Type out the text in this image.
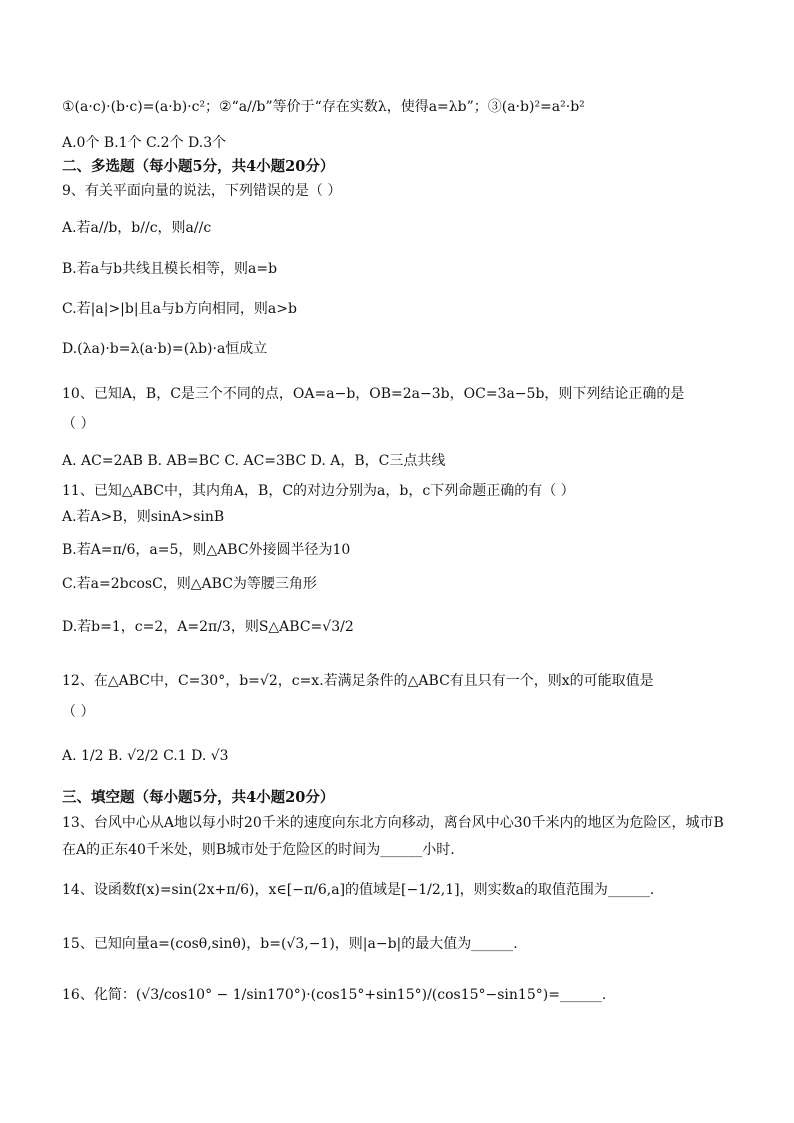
①(a·c)·(b·c)=(a·b)·c²；②“a//b”等价于“存在实数λ，使得a=λb”；③(a·b)²=a²·b²
A.0个 B.1个 C.2个 D.3个
二、多选题（每小题5分，共4小题20分）
9、有关平面向量的说法，下列错误的是（ ）
A.若a//b，b//c，则a//c
B.若a与b共线且模长相等，则a=b
C.若|a|>|b|且a与b方向相同，则a>b
D.(λa)·b=λ(a·b)=(λb)·a恒成立
10、已知A，B，C是三个不同的点，OA=a−b，OB=2a−3b，OC=3a−5b，则下列结论正确的是
（ ）
A. AC=2AB B. AB=BC C. AC=3BC D. A，B，C三点共线
11、已知△ABC中，其内角A，B，C的对边分别为a，b，c下列命题正确的有（ ）
A.若A>B，则sinA>sinB
B.若A=π/6，a=5，则△ABC外接圆半径为10
C.若a=2bcosC，则△ABC为等腰三角形
D.若b=1，c=2，A=2π/3，则S△ABC=√3/2
12、在△ABC中，C=30°，b=√2，c=x.若满足条件的△ABC有且只有一个，则x的可能取值是
（ ）
A. 1/2 B. √2/2 C.1 D. √3
三、填空题（每小题5分，共4小题20分）
13、台风中心从A地以每小时20千米的速度向东北方向移动，离台风中心30千米内的地区为危险区，城市B
在A的正东40千米处，则B城市处于危险区的时间为______小时.
14、设函数f(x)=sin(2x+π/6)，x∈[−π/6,a]的值域是[−1/2,1]，则实数a的取值范围为______.
15、已知向量a=(cosθ,sinθ)，b=(√3,−1)，则|a−b|的最大值为______.
16、化简：(√3/cos10° − 1/sin170°)·(cos15°+sin15°)/(cos15°−sin15°)=______.
